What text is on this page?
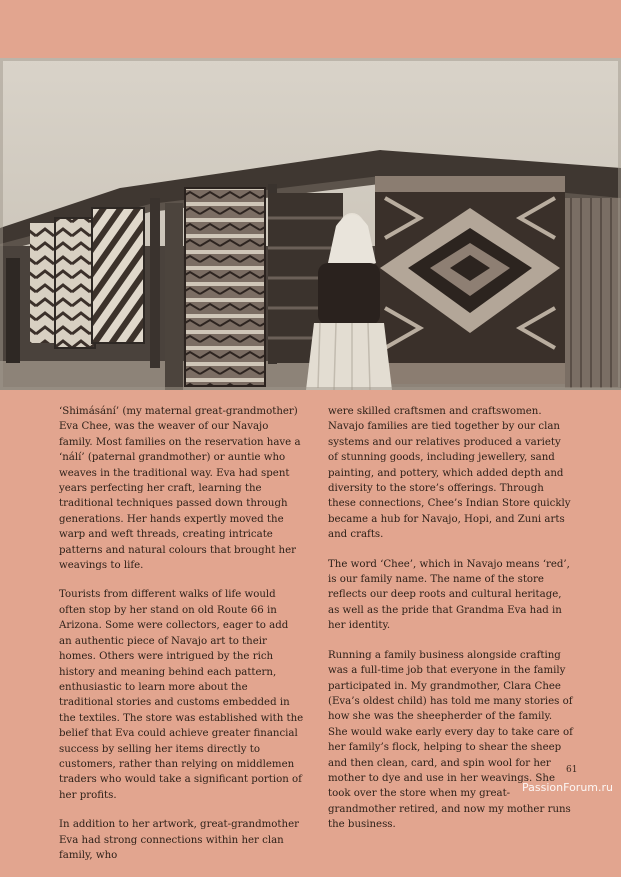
‘Shimásání’ (my maternal great-grandmother) Eva Chee, was the weaver of our Navajo family. Most families on the reservation have a ‘nálí’ (paternal grandmother) or auntie who weaves in the traditional way. Eva had spent years perfecting her craft, learning the traditional techniques passed down through generations. Her hands expertly moved the warp and weft threads, creating intricate patterns and natural colours that brought her weavings to life.

Tourists from different walks of life would often stop by her stand on old Route 66 in Arizona. Some were collectors, eager to add an authentic piece of Navajo art to their homes. Others were intrigued by the rich history and meaning behind each pattern, enthusiastic to learn more about the traditional stories and customs embedded in the textiles. The store was established with the belief that Eva could achieve greater financial success by selling her items directly to customers, rather than relying on middlemen traders who would take a significant portion of her profits.

In addition to her artwork, great-grandmother Eva had strong connections within her clan family, who

were skilled craftsmen and craftswomen. Navajo families are tied together by our clan systems and our relatives produced a variety of stunning goods, including jewellery, sand painting, and pottery, which added depth and diversity to the store’s offerings. Through these connections, Chee’s Indian Store quickly became a hub for Navajo, Hopi, and Zuni arts and crafts.

The word ‘Chee’, which in Navajo means ‘red’, is our family name. The name of the store reflects our deep roots and cultural heritage, as well as the pride that Grandma Eva had in her identity.

Running a family business alongside crafting was a full-time job that everyone in the family participated in. My grandmother, Clara Chee (Eva’s oldest child) has told me many stories of how she was the sheepherder of the family. She would wake early every day to take care of her family’s flock, helping to shear the sheep and then clean, card, and spin wool for her mother to dye and use in her weavings. She took over the store when my great-grandmother retired, and now my mother runs the business.

61
PassionForum.ru
